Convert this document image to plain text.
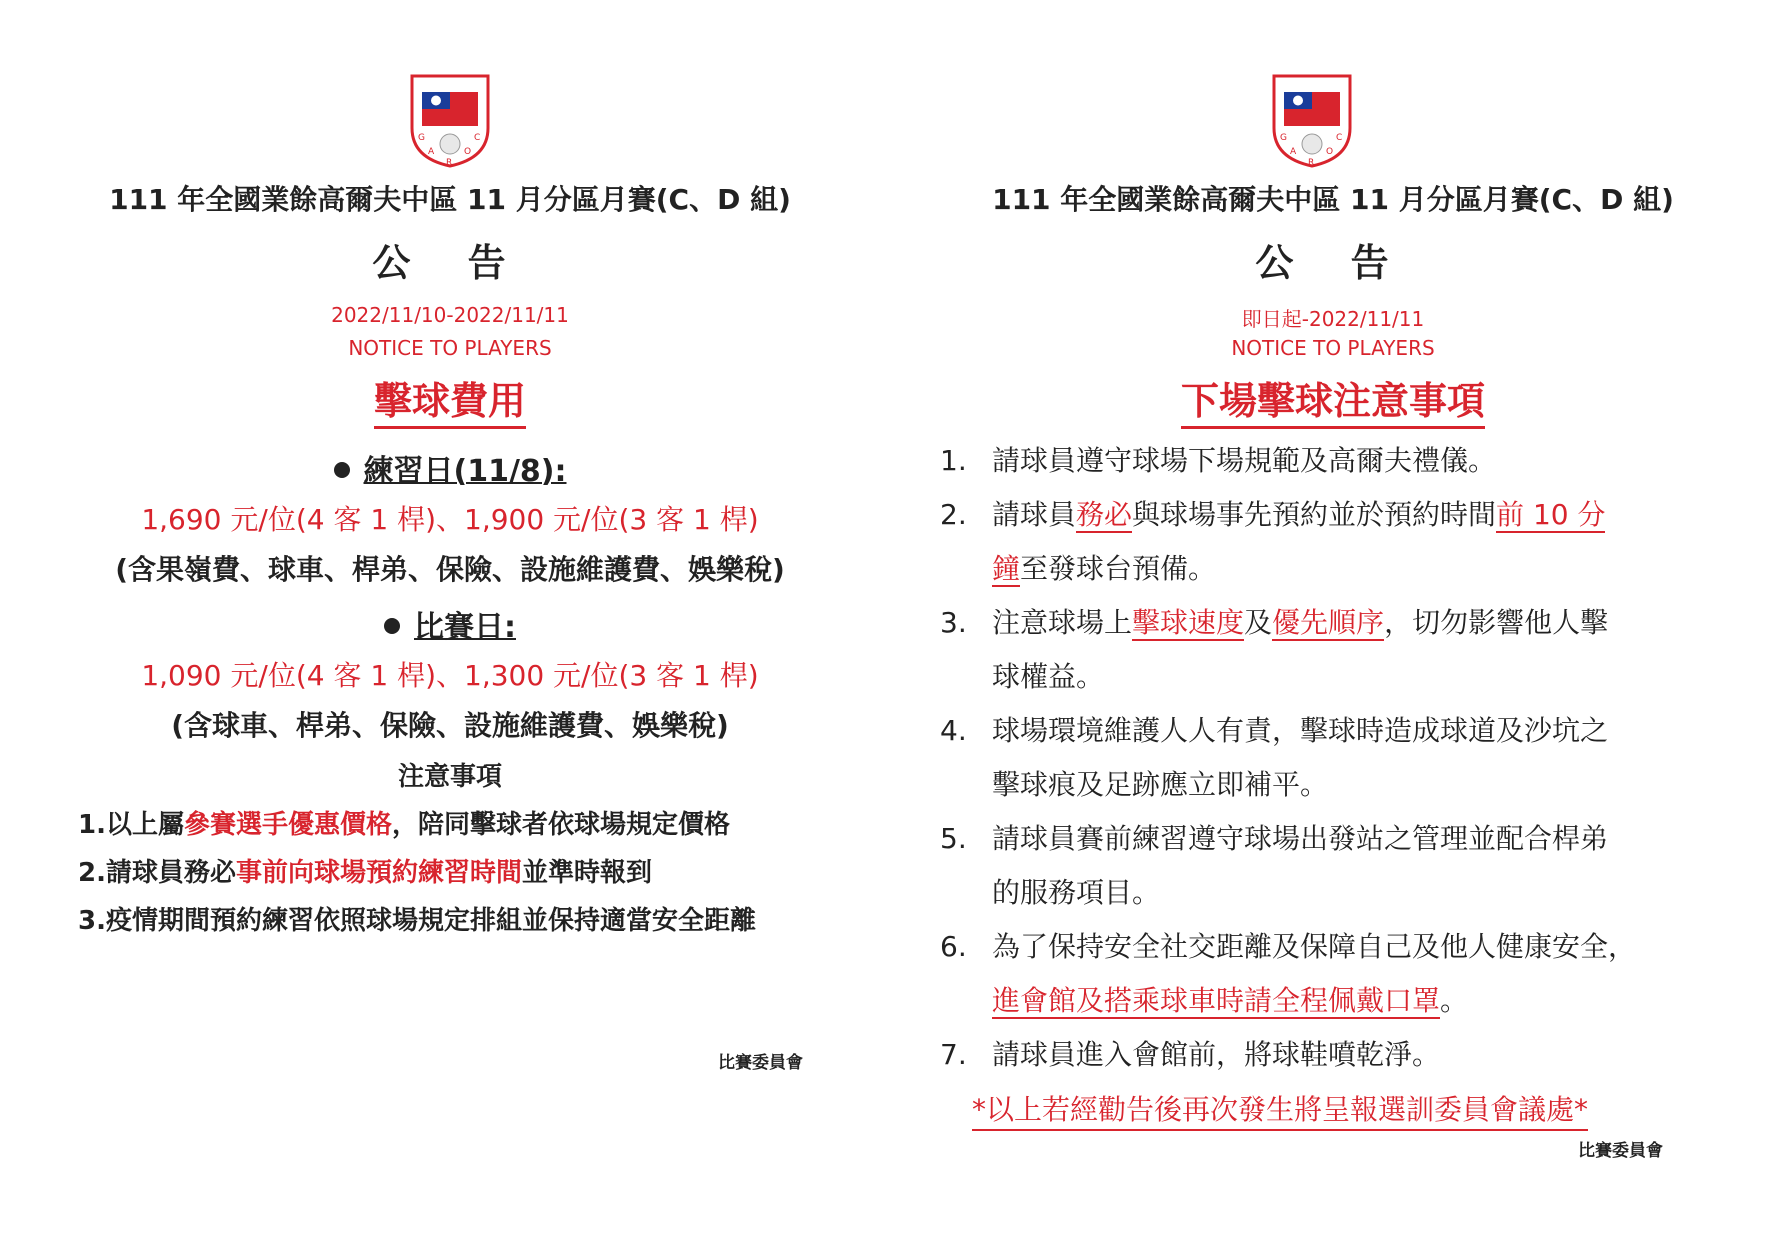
G
A
R
O
C
111 年全國業餘高爾夫中區 11 月分區月賽(C、D 組)
公 告
2022/11/10-2022/11/11
NOTICE TO PLAYERS
擊球費用
練習日(11/8):
1,690 元/位(4 客 1 桿)、1,900 元/位(3 客 1 桿)
(含果嶺費、球車、桿弟、保險、設施維護費、娛樂稅)
比賽日:
1,090 元/位(4 客 1 桿)、1,300 元/位(3 客 1 桿)
(含球車、桿弟、保險、設施維護費、娛樂稅)
注意事項
1.以上屬參賽選手優惠價格，陪同擊球者依球場規定價格
2.請球員務必事前向球場預約練習時間並準時報到
3.疫情期間預約練習依照球場規定排組並保持適當安全距離
比賽委員會
G
A
R
O
C
111 年全國業餘高爾夫中區 11 月分區月賽(C、D 組)
公 告
即日起-2022/11/11
NOTICE TO PLAYERS
下場擊球注意事項
1. 請球員遵守球場下場規範及高爾夫禮儀。
2. 請球員務必與球場事先預約並於預約時間前 10 分
鐘至發球台預備。
3. 注意球場上擊球速度及優先順序，切勿影響他人擊
球權益。
4. 球場環境維護人人有責，擊球時造成球道及沙坑之
擊球痕及足跡應立即補平。
5. 請球員賽前練習遵守球場出發站之管理並配合桿弟
的服務項目。
6. 為了保持安全社交距離及保障自己及他人健康安全，
進會館及搭乘球車時請全程佩戴口罩。
7. 請球員進入會館前，將球鞋噴乾淨。
*以上若經勸告後再次發生將呈報選訓委員會議處*
比賽委員會
